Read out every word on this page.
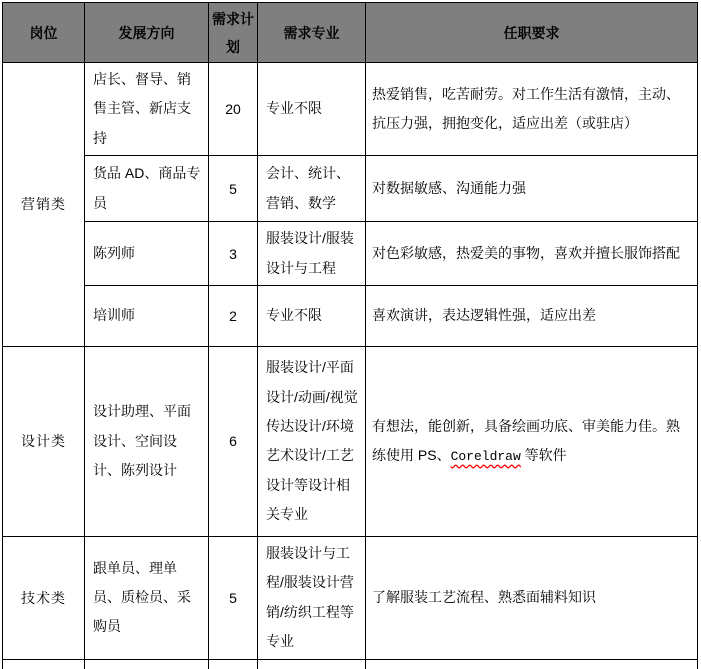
岗位	发展方向	需求计划	需求专业	任职要求
营销类	店长、督导、销售主管、新店支持	20	专业不限	热爱销售，吃苦耐劳。对工作生活有激情，主动、抗压力强，拥抱变化，适应出差（或驻店）
	货品 AD、商品专员	5	会计、统计、营销、数学	对数据敏感、沟通能力强
	陈列师	3	服装设计/服装设计与工程	对色彩敏感，热爱美的事物，喜欢并擅长服饰搭配
	培训师	2	专业不限	喜欢演讲，表达逻辑性强，适应出差
设计类	设计助理、平面设计、空间设计、陈列设计	6	服装设计/平面设计/动画/视觉传达设计/环境艺术设计/工艺设计等设计相关专业	有想法，能创新，具备绘画功底、审美能力佳。熟练使用 PS、Coreldraw 等软件
技术类	跟单员、理单员、质检员、采购员	5	服装设计与工程/服装设计营销/纺织工程等专业	了解服装工艺流程、熟悉面辅料知识
